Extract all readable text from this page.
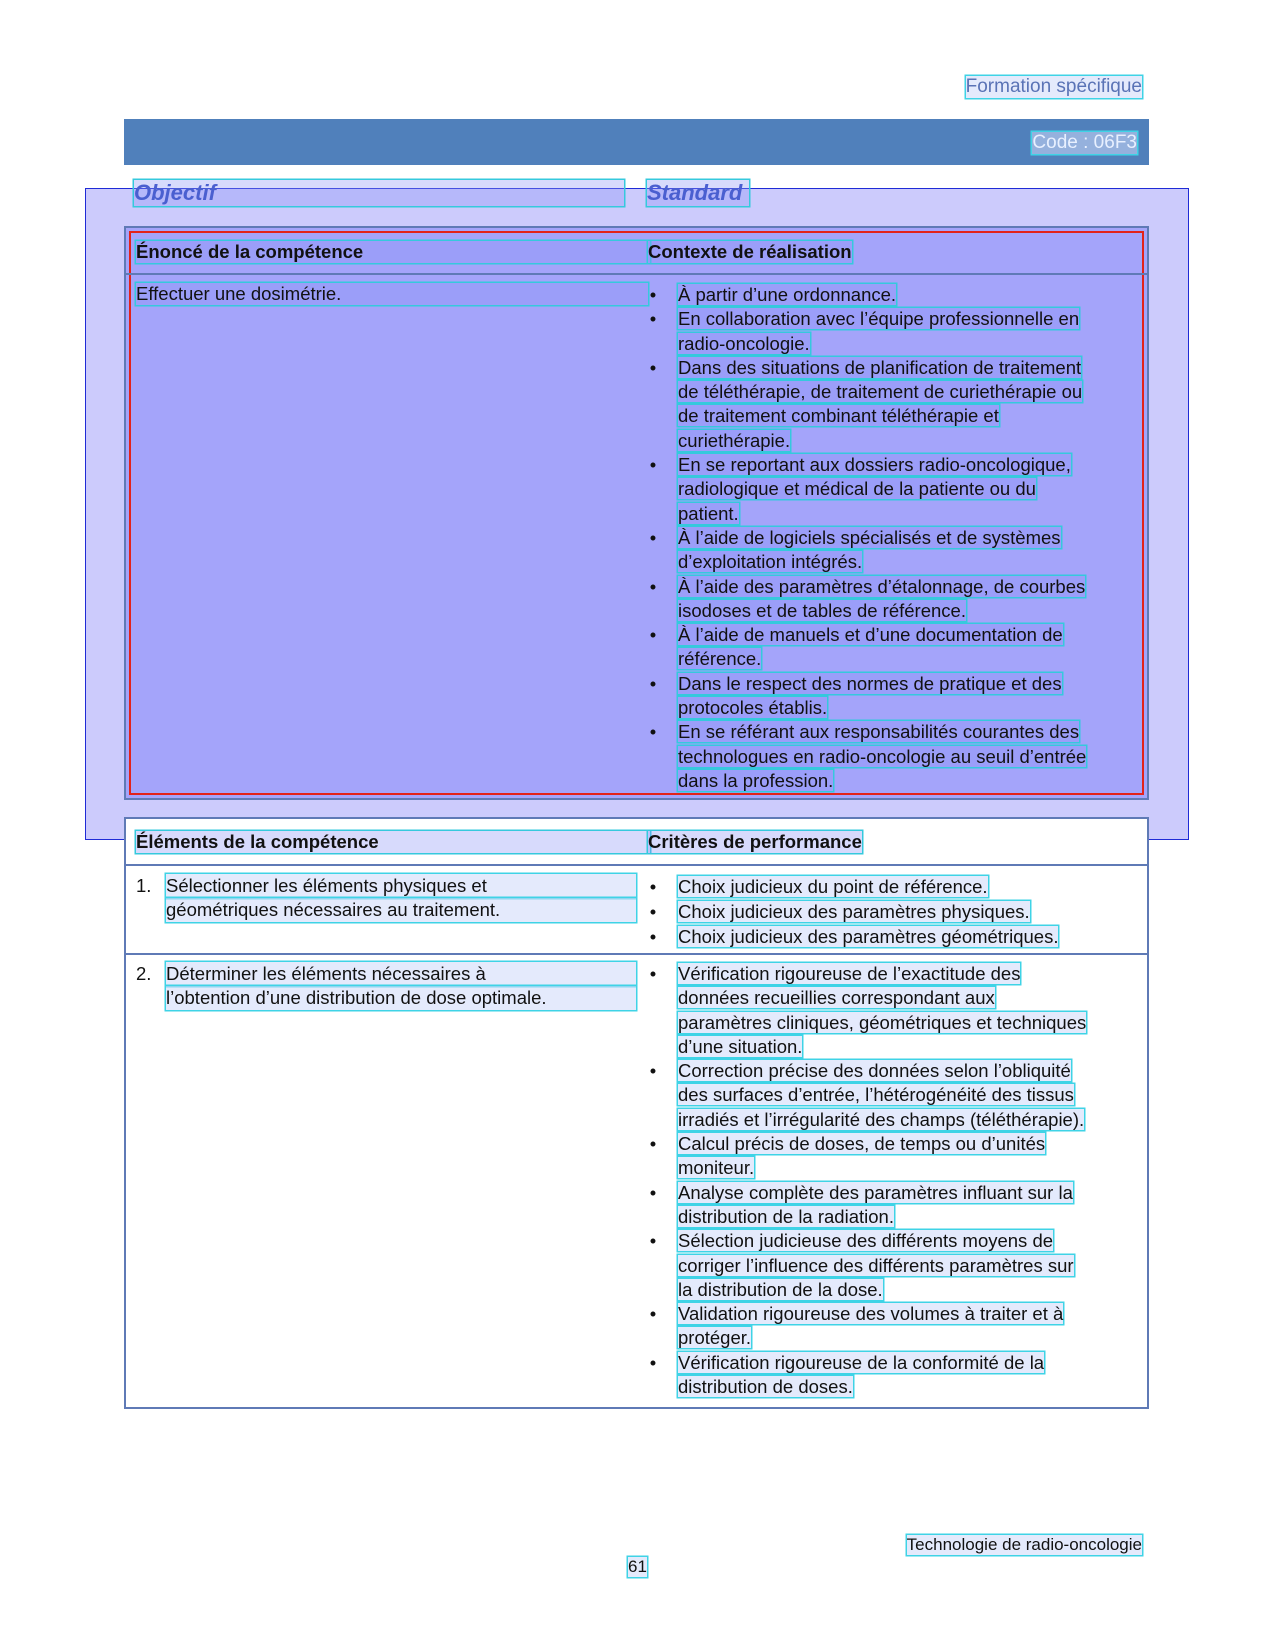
Formation spécifique
Code : 06F3
Objectif	Standard
Énoncé de la compétence	Contexte de réalisation
Effectuer une dosimétrie.	• À partir d’une ordonnance.
• En collaboration avec l’équipe professionnelle en
radio-oncologie.
• Dans des situations de planification de traitement
de téléthérapie, de traitement de curiethérapie ou
de traitement combinant téléthérapie et
curiethérapie.
• En se reportant aux dossiers radio-oncologique,
radiologique et médical de la patiente ou du
patient.
• À l’aide de logiciels spécialisés et de systèmes
d’exploitation intégrés.
• À l’aide des paramètres d’étalonnage, de courbes
isodoses et de tables de référence.
• À l’aide de manuels et d’une documentation de
référence.
• Dans le respect des normes de pratique et des
protocoles établis.
• En se référant aux responsabilités courantes des
technologues en radio-oncologie au seuil d’entrée
dans la profession.
Éléments de la compétence	Critères de performance
1. Sélectionner les éléments physiques et
géométriques nécessaires au traitement.
• Choix judicieux du point de référence.
• Choix judicieux des paramètres physiques.
• Choix judicieux des paramètres géométriques.
2. Déterminer les éléments nécessaires à
l’obtention d’une distribution de dose optimale.
• Vérification rigoureuse de l’exactitude des
données recueillies correspondant aux
paramètres cliniques, géométriques et techniques
d’une situation.
• Correction précise des données selon l’obliquité
des surfaces d’entrée, l’hétérogénéité des tissus
irradiés et l’irrégularité des champs (téléthérapie).
• Calcul précis de doses, de temps ou d’unités
moniteur.
• Analyse complète des paramètres influant sur la
distribution de la radiation.
• Sélection judicieuse des différents moyens de
corriger l’influence des différents paramètres sur
la distribution de la dose.
• Validation rigoureuse des volumes à traiter et à
protéger.
• Vérification rigoureuse de la conformité de la
distribution de doses.
Technologie de radio-oncologie
61
